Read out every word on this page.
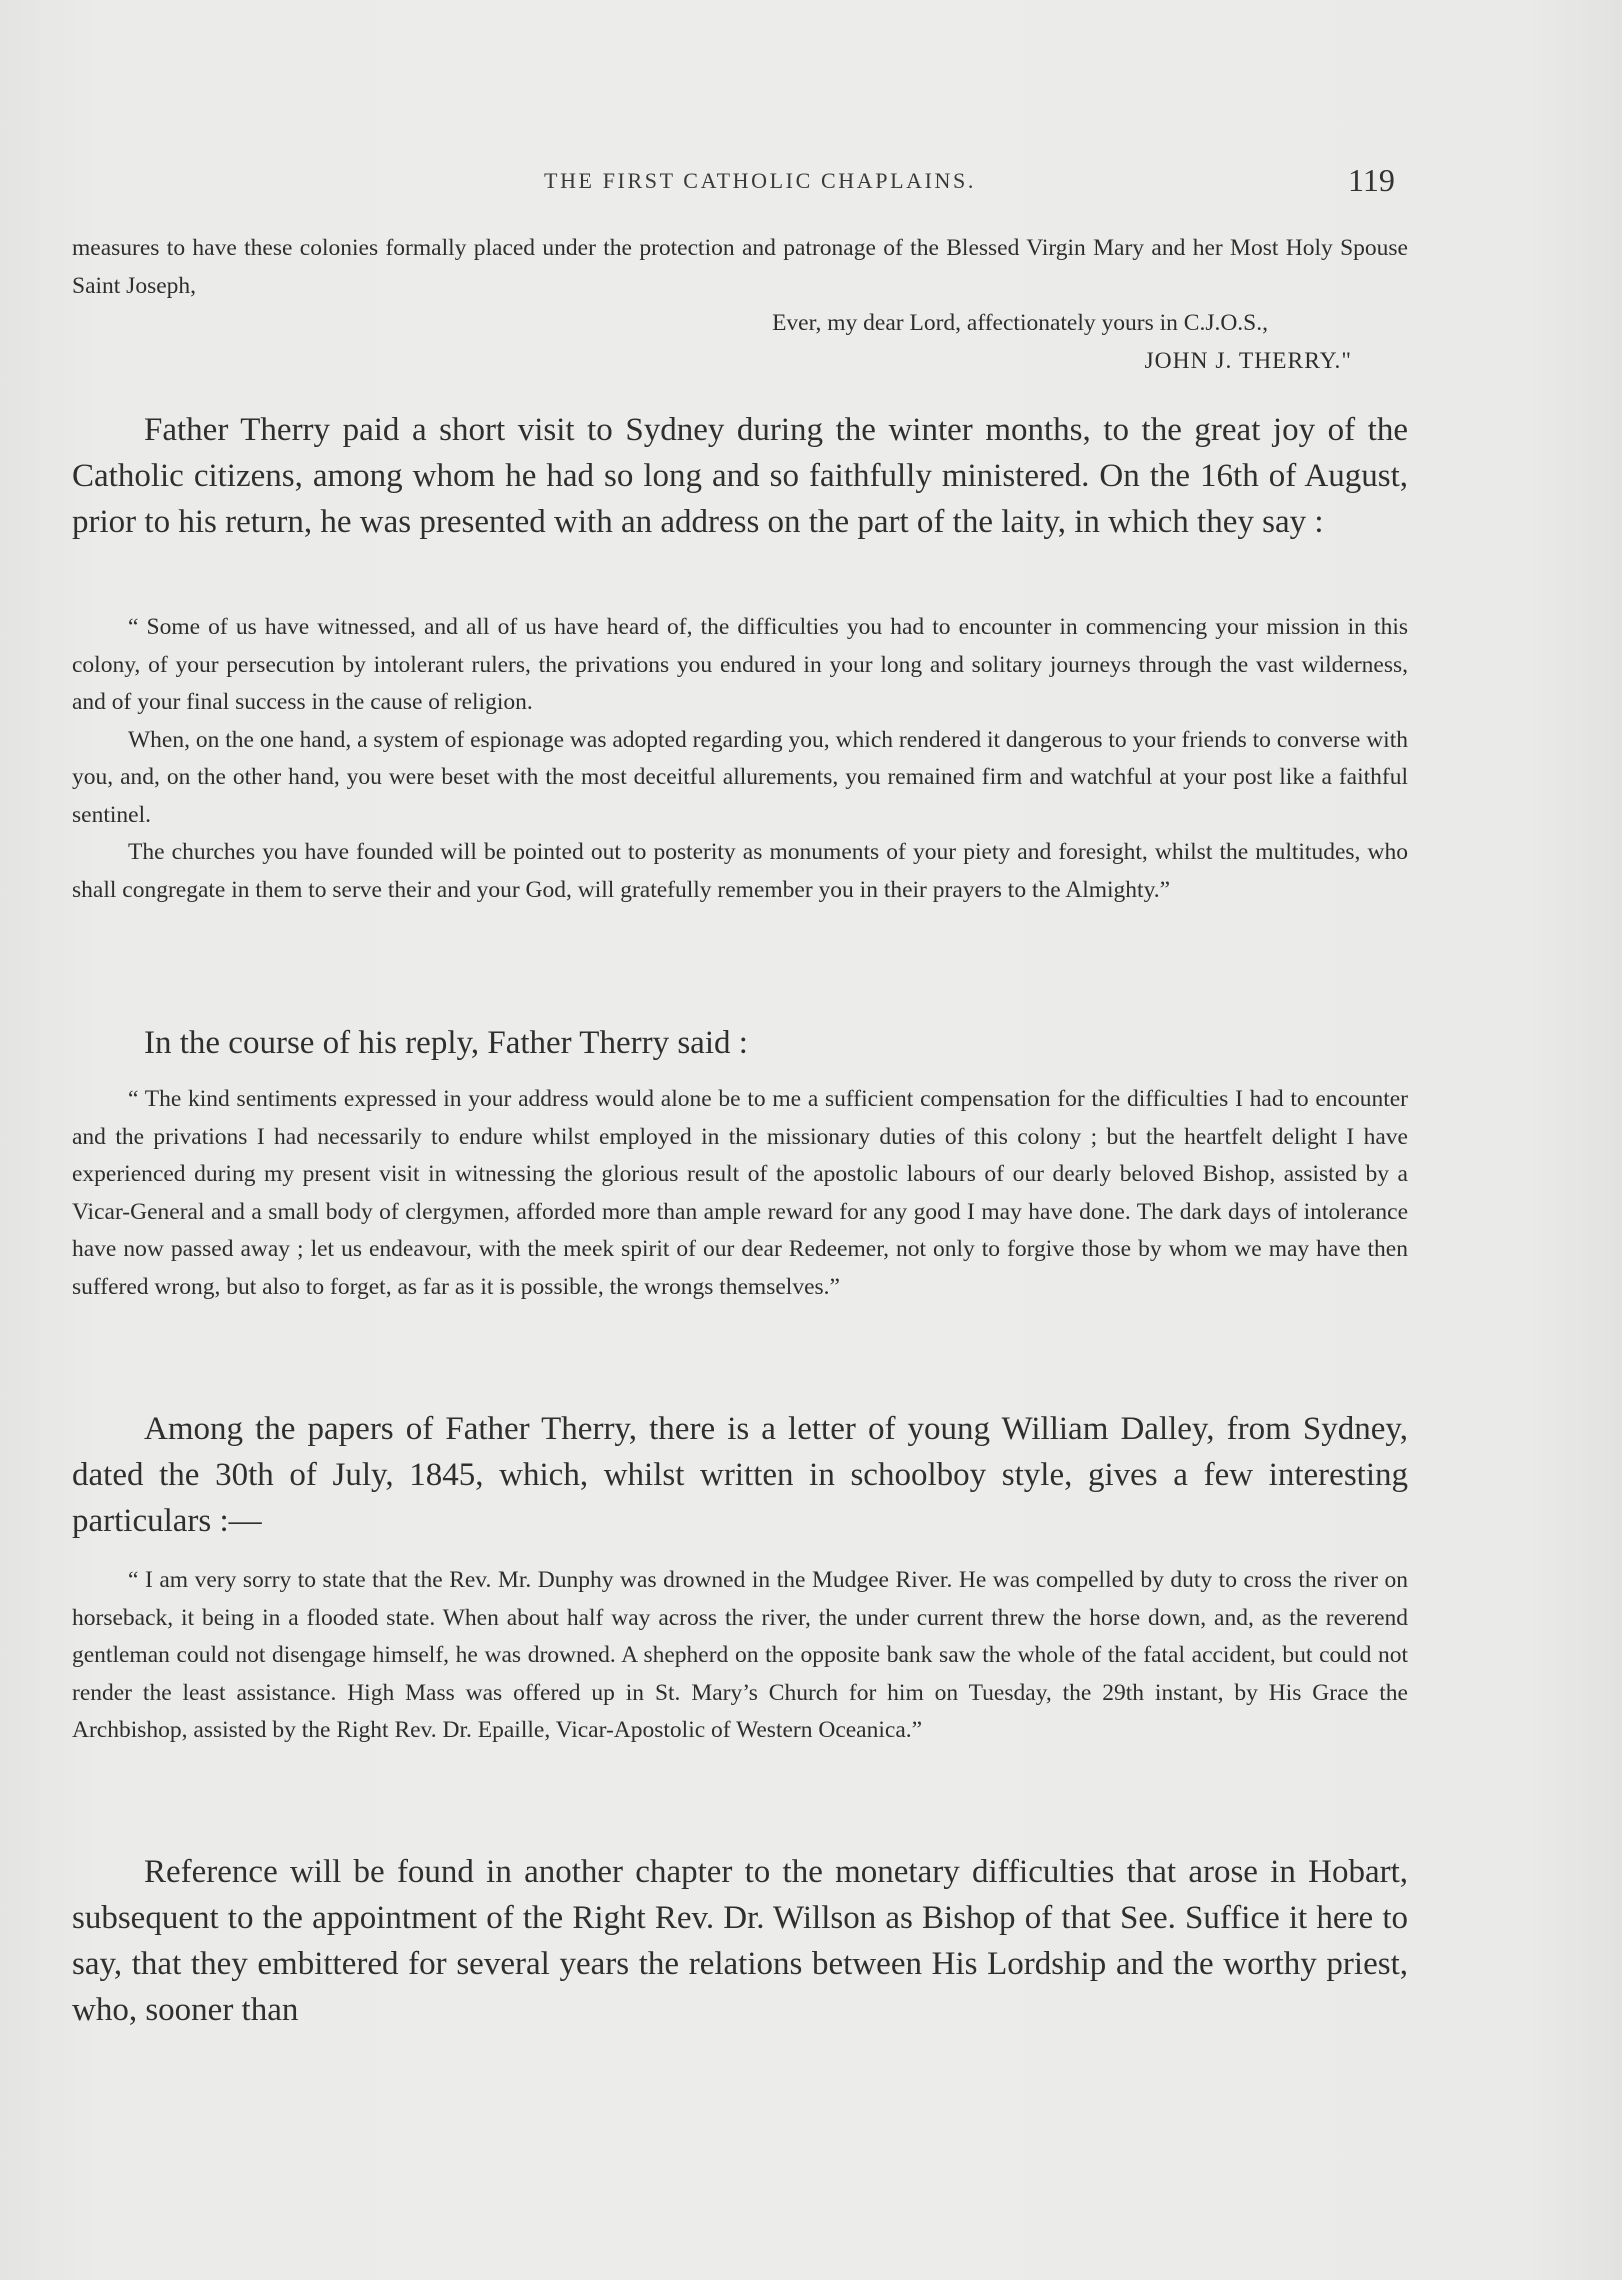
THE FIRST CATHOLIC CHAPLAINS.	119

measures to have these colonies formally placed under the protection and patronage of the Blessed Virgin Mary and her Most Holy Spouse Saint Joseph,

Ever, my dear Lord, affectionately yours in C.J.O.S.,

JOHN J. THERRY."

Father Therry paid a short visit to Sydney during the winter months, to the great joy of the Catholic citizens, among whom he had so long and so faithfully ministered. On the 16th of August, prior to his return, he was presented with an address on the part of the laity, in which they say :

“ Some of us have witnessed, and all of us have heard of, the difficulties you had to encounter in commencing your mission in this colony, of your persecution by intolerant rulers, the privations you endured in your long and solitary journeys through the vast wilderness, and of your final success in the cause of religion.

When, on the one hand, a system of espionage was adopted regarding you, which rendered it dangerous to your friends to converse with you, and, on the other hand, you were beset with the most deceitful allurements, you remained firm and watchful at your post like a faithful sentinel.

The churches you have founded will be pointed out to posterity as monuments of your piety and foresight, whilst the multitudes, who shall congregate in them to serve their and your God, will gratefully remember you in their prayers to the Almighty.”

In the course of his reply, Father Therry said :

“ The kind sentiments expressed in your address would alone be to me a sufficient compensation for the difficulties I had to encounter and the privations I had necessarily to endure whilst employed in the missionary duties of this colony ; but the heartfelt delight I have experienced during my present visit in witnessing the glorious result of the apostolic labours of our dearly beloved Bishop, assisted by a Vicar-General and a small body of clergymen, afforded more than ample reward for any good I may have done. The dark days of intolerance have now passed away ; let us endeavour, with the meek spirit of our dear Redeemer, not only to forgive those by whom we may have then suffered wrong, but also to forget, as far as it is possible, the wrongs themselves.”

Among the papers of Father Therry, there is a letter of young William Dalley, from Sydney, dated the 30th of July, 1845, which, whilst written in schoolboy style, gives a few interesting particulars :—

“ I am very sorry to state that the Rev. Mr. Dunphy was drowned in the Mudgee River. He was compelled by duty to cross the river on horseback, it being in a flooded state. When about half way across the river, the under current threw the horse down, and, as the reverend gentleman could not disengage himself, he was drowned. A shepherd on the opposite bank saw the whole of the fatal accident, but could not render the least assistance. High Mass was offered up in St. Mary’s Church for him on Tuesday, the 29th instant, by His Grace the Archbishop, assisted by the Right Rev. Dr. Epaille, Vicar-Apostolic of Western Oceanica.”

Reference will be found in another chapter to the monetary difficulties that arose in Hobart, subsequent to the appointment of the Right Rev. Dr. Willson as Bishop of that See. Suffice it here to say, that they embittered for several years the relations between His Lordship and the worthy priest, who, sooner than
